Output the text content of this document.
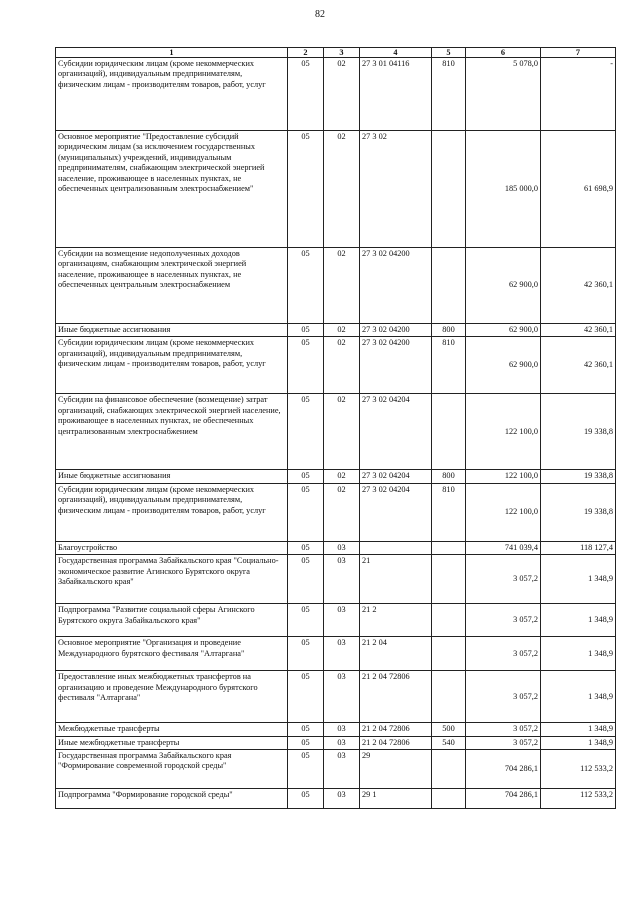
82
1	2	3	4	5	6	7
Субсидии юридическим лицам (кроме некоммерческих организаций), индивидуальным предпринимателям, физическим лицам - производителям товаров, работ, услуг	05	02	27 3 01 04116	810	5 078,0	-
Основное мероприятие "Предоставление субсидий юридическим лицам (за исключением государственных (муниципальных) учреждений, индивидуальным предпринимателям, снабжающим электрической энергией население, проживающее в населенных пунктах, не обеспеченных централизованным электроснабжением"	05	02	27 3 02		185 000,0	61 698,9
Субсидии на возмещение недополученных доходов организациям, снабжающим электрической энергией население, проживающее в населенных пунктах, не обеспеченных центральным электроснабжением	05	02	27 3 02 04200		62 900,0	42 360,1
Иные бюджетные ассигнования	05	02	27 3 02 04200	800	62 900,0	42 360,1
Субсидии юридическим лицам (кроме некоммерческих организаций), индивидуальным предпринимателям, физическим лицам - производителям товаров, работ, услуг	05	02	27 3 02 04200	810	62 900,0	42 360,1
Субсидии на финансовое обеспечение (возмещение) затрат организаций, снабжающих электрической энергией население, проживающее в населенных пунктах, не обеспеченных централизованным электроснабжением	05	02	27 3 02 04204		122 100,0	19 338,8
Иные бюджетные ассигнования	05	02	27 3 02 04204	800	122 100,0	19 338,8
Субсидии юридическим лицам (кроме некоммерческих организаций), индивидуальным предпринимателям, физическим лицам - производителям товаров, работ, услуг	05	02	27 3 02 04204	810	122 100,0	19 338,8
Благоустройство	05	03			741 039,4	118 127,4
Государственная программа Забайкальского края "Социально-экономическое развитие Агинского Бурятского округа Забайкальского края"	05	03	21		3 057,2	1 348,9
Подпрограмма "Развитие социальной сферы Агинского Бурятского округа Забайкальского края"	05	03	21 2		3 057,2	1 348,9
Основное мероприятие "Организация и проведение Международного бурятского фестиваля "Алтаргана"	05	03	21 2 04		3 057,2	1 348,9
Предоставление иных межбюджетных трансфертов на организацию и проведение Международного бурятского фестиваля "Алтаргана"	05	03	21 2 04 72806		3 057,2	1 348,9
Межбюджетные трансферты	05	03	21 2 04 72806	500	3 057,2	1 348,9
Иные межбюджетные трансферты	05	03	21 2 04 72806	540	3 057,2	1 348,9
Государственная программа Забайкальского края "Формирование современной городской среды"	05	03	29		704 286,1	112 533,2
Подпрограмма "Формирование городской среды"	05	03	29 1		704 286,1	112 533,2
